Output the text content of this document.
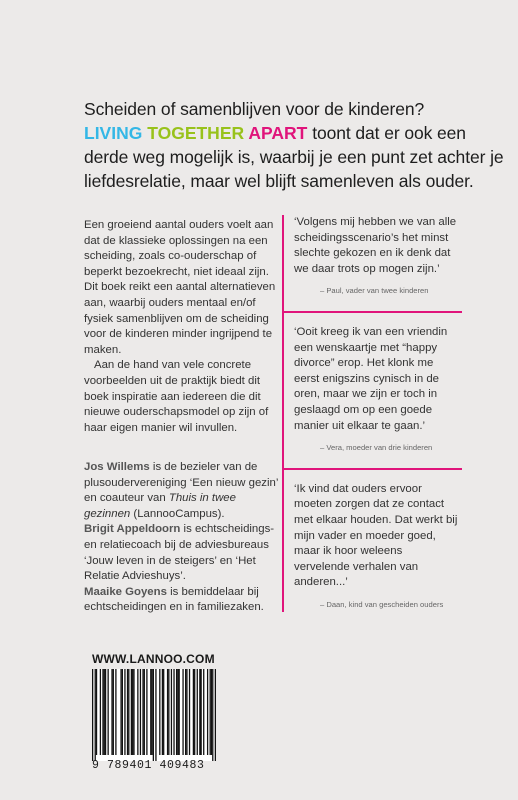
Scheiden of samenblijven voor de kinderen?
LIVING TOGETHER APART toont dat er ook een derde weg mogelijk is, waarbij je een punt zet achter je liefdesrelatie, maar wel blijft samenleven als ouder.

Een groeiend aantal ouders voelt aan dat de klassieke oplossingen na een scheiding, zoals co-ouderschap of beperkt bezoekrecht, niet ideaal zijn. Dit boek reikt een aantal alternatieven aan, waarbij ouders mentaal en/of fysiek samenblijven om de scheiding voor de kinderen minder ingrijpend te maken.

Aan de hand van vele concrete voorbeelden uit de praktijk biedt dit boek inspiratie aan iedereen die dit nieuwe ouderschapsmodel op zijn of haar eigen manier wil invullen.

Jos Willems is de bezieler van de plusoudervereniging ‘Een nieuw gezin’ en coauteur van Thuis in twee gezinnen (LannooCampus).
Brigit Appeldoorn is echtscheidings- en relatiecoach bij de adviesbureaus ‘Jouw leven in de steigers’ en ‘Het Relatie Advieshuys’.
Maaike Goyens is bemiddelaar bij echtscheidingen en in familiezaken.

‘Volgens mij hebben we van alle scheidingsscenario’s het minst slechte gekozen en ik denk dat we daar trots op mogen zijn.’

– Paul, vader van twee kinderen

‘Ooit kreeg ik van een vriendin een wenskaartje met “happy divorce” erop. Het klonk me eerst enigszins cynisch in de oren, maar we zijn er toch in geslaagd om op een goede manier uit elkaar te gaan.’

– Vera, moeder van drie kinderen

‘Ik vind dat ouders ervoor moeten zorgen dat ze contact met elkaar houden. Dat werkt bij mijn vader en moeder goed, maar ik hoor weleens vervelende verhalen van anderen...’

– Daan, kind van gescheiden ouders
WWW.LANNOO.COM
9 789401 409483
